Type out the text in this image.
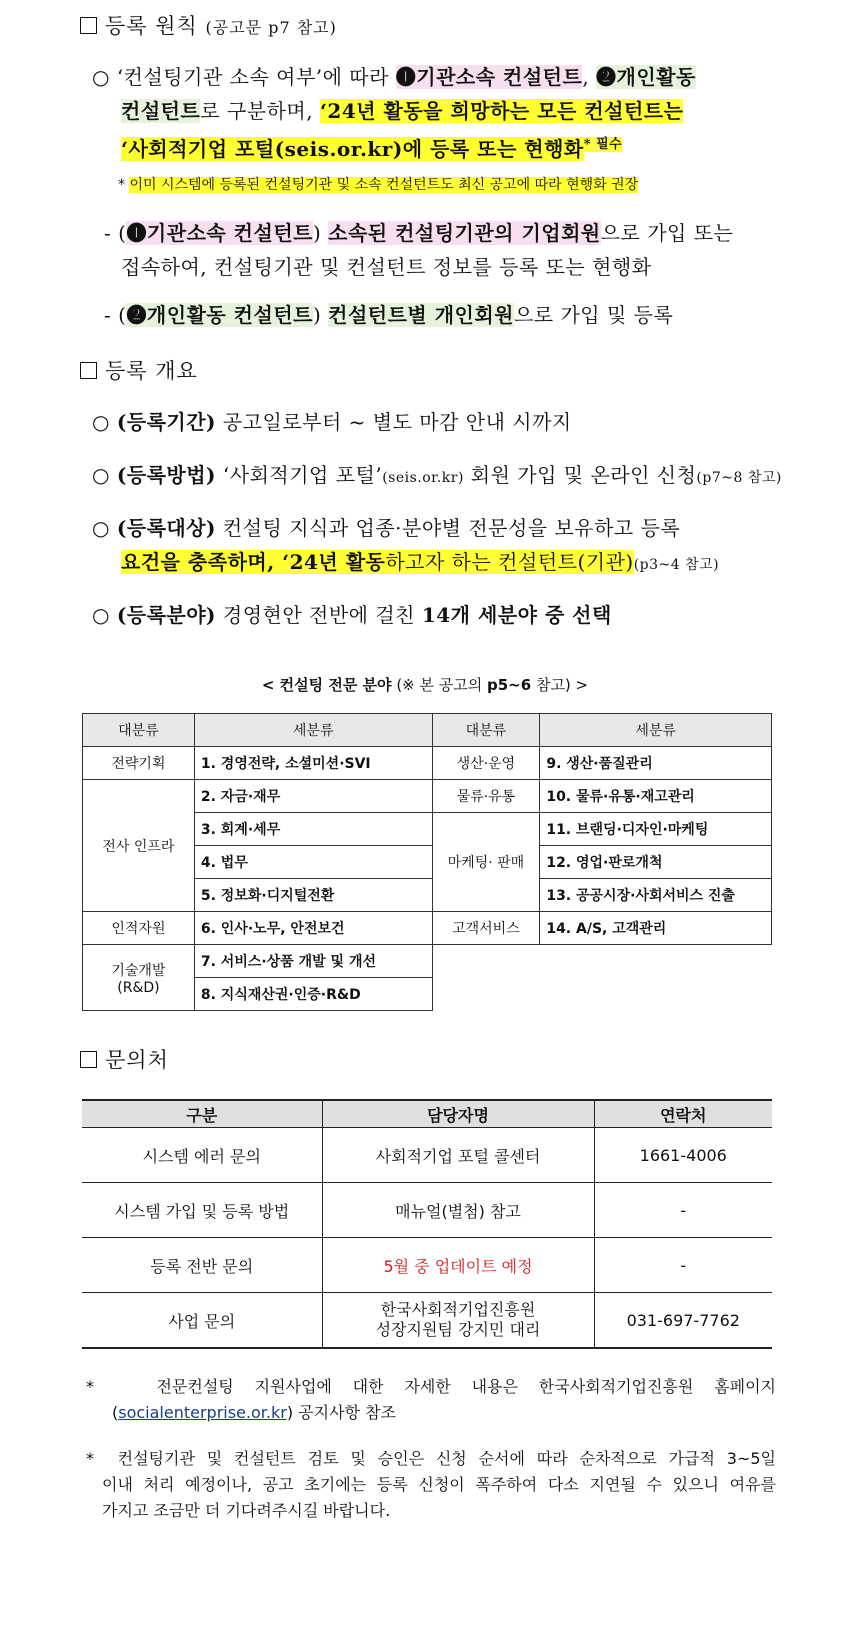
등록 원칙 (공고문 p7 참고)
○ ‘컨설팅기관 소속 여부’에 따라 ❶기관소속 컨설턴트, ❷개인활동
컨설턴트로 구분하며, ‘24년 활동을 희망하는 모든 컨설턴트는
‘사회적기업 포털(seis.or.kr)에 등록 또는 현행화$^{* 필수}$
* 이미 시스템에 등록된 컨설팅기관 및 소속 컨설턴트도 최신 공고에 따라 현행화 권장
- (❶기관소속 컨설턴트) 소속된 컨설팅기관의 기업회원으로 가입 또는
접속하여, 컨설팅기관 및 컨설턴트 정보를 등록 또는 현행화
- (❷개인활동 컨설턴트) 컨설턴트별 개인회원으로 가입 및 등록
등록 개요
○ (등록기간) 공고일로부터 ~ 별도 마감 안내 시까지
○ (등록방법) ‘사회적기업 포털’(seis.or.kr) 회원 가입 및 온라인 신청(p7~8 참고)
○ (등록대상) 컨설팅 지식과 업종·분야별 전문성을 보유하고 등록
요건을 충족하며, ‘24년 활동하고자 하는 컨설턴트(기관)(p3~4 참고)
○ (등록분야) 경영현안 전반에 걸친 14개 세분야 중 선택
< 컨설팅 전문 분야 (※ 본 공고의 p5~6 참고) >
대분류	세분류	대분류	세분류
전략기획	1. 경영전략, 소셜미션·SVI	생산·운영	9. 생산·품질관리
전사 인프라	2. 자금·재무	물류·유통	10. 물류·유통·재고관리
	3. 회계·세무	마케팅· 판매	11. 브랜딩·디자인·마케팅
	4. 법무		12. 영업·판로개척
	5. 정보화·디지털전환		13. 공공시장·사회서비스 진출
인적자원	6. 인사·노무, 안전보건	고객서비스	14. A/S, 고객관리
기술개발
(R&D)	7. 서비스·상품 개발 및 개선		
	8. 지식재산권·인증·R&D		
문의처
구분	담당자명	연락처
시스템 에러 문의	사회적기업 포털 콜센터	1661-4006
시스템 가입 및 등록 방법	매뉴얼(별첨) 참고	-
등록 전반 문의	5월 중 업데이트 예정	-
사업 문의	한국사회적기업진흥원
성장지원팀 강지민 대리	031-697-7762
*   전문컨설팅 지원사업에 대한 자세한 내용은 한국사회적기업진흥원 홈페이지
(socialenterprise.or.kr) 공지사항 참조
*  컨설팅기관 및 컨설턴트 검토 및 승인은 신청 순서에 따라 순차적으로 가급적 3~5일
이내 처리 예정이나, 공고 초기에는 등록 신청이 폭주하여 다소 지연될 수 있으니 여유를
가지고 조금만 더 기다려주시길 바랍니다.
